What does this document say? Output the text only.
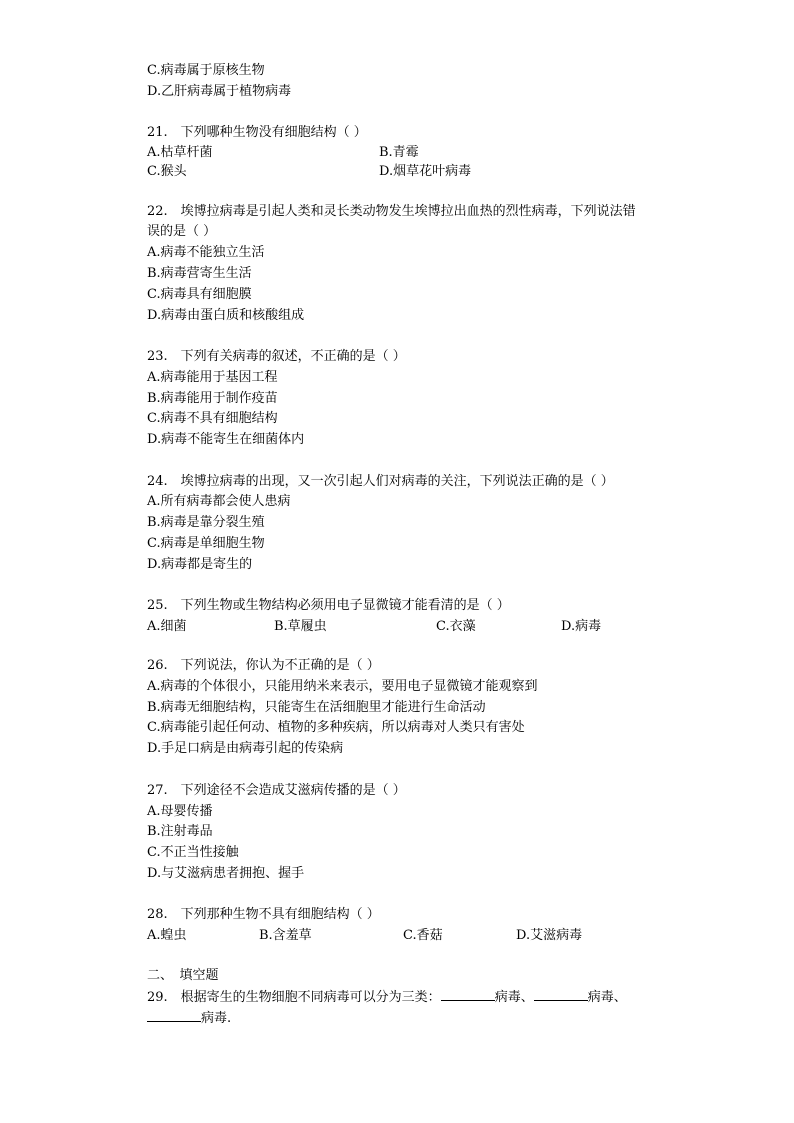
C.病毒属于原核生物
D.乙肝病毒属于植物病毒
21.　下列哪种生物没有细胞结构（ ）
A.枯草杆菌	B.青霉
C.猴头	D.烟草花叶病毒
22.　埃博拉病毒是引起人类和灵长类动物发生埃博拉出血热的烈性病毒，下列说法错
误的是（ ）
A.病毒不能独立生活
B.病毒营寄生生活
C.病毒具有细胞膜
D.病毒由蛋白质和核酸组成
23.　下列有关病毒的叙述，不正确的是（ ）
A.病毒能用于基因工程
B.病毒能用于制作疫苗
C.病毒不具有细胞结构
D.病毒不能寄生在细菌体内
24.　埃博拉病毒的出现，又一次引起人们对病毒的关注，下列说法正确的是（ ）
A.所有病毒都会使人患病
B.病毒是靠分裂生殖
C.病毒是单细胞生物
D.病毒都是寄生的
25.　下列生物或生物结构必须用电子显微镜才能看清的是（ ）
A.细菌	B.草履虫	C.衣藻	D.病毒
26.　下列说法，你认为不正确的是（ ）
A.病毒的个体很小，只能用纳米来表示，要用电子显微镜才能观察到
B.病毒无细胞结构，只能寄生在活细胞里才能进行生命活动
C.病毒能引起任何动、植物的多种疾病，所以病毒对人类只有害处
D.手足口病是由病毒引起的传染病
27.　下列途径不会造成艾滋病传播的是（ ）
A.母婴传播
B.注射毒品
C.不正当性接触
D.与艾滋病患者拥抱、握手
28.　下列那种生物不具有细胞结构（ ）
A.蝗虫	B.含羞草	C.香菇	D.艾滋病毒
二、　填空题
29.　根据寄生的生物细胞不同病毒可以分为三类：	病毒、	病毒、
病毒.
